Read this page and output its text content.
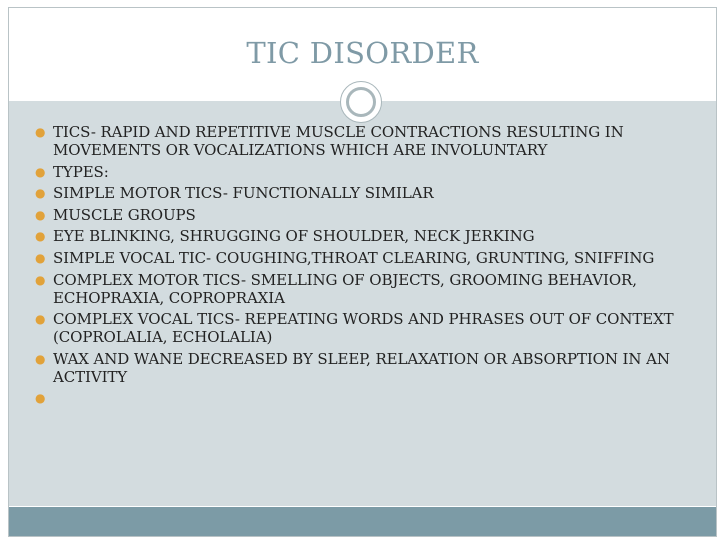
TIC DISORDER
● TICS- RAPID AND REPETITIVE MUSCLE CONTRACTIONS RESULTING IN MOVEMENTS OR VOCALIZATIONS WHICH ARE INVOLUNTARY
● TYPES:
● SIMPLE MOTOR TICS- FUNCTIONALLY SIMILAR
● MUSCLE GROUPS
● EYE BLINKING, SHRUGGING OF SHOULDER, NECK JERKING
● SIMPLE VOCAL TIC- COUGHING,THROAT CLEARING, GRUNTING, SNIFFING
● COMPLEX MOTOR TICS- SMELLING OF OBJECTS, GROOMING BEHAVIOR, ECHOPRAXIA, COPROPRAXIA
● COMPLEX VOCAL TICS- REPEATING WORDS AND PHRASES OUT OF CONTEXT (COPROLALIA, ECHOLALIA)
● WAX AND WANE DECREASED BY SLEEP, RELAXATION OR ABSORPTION IN AN ACTIVITY
●
